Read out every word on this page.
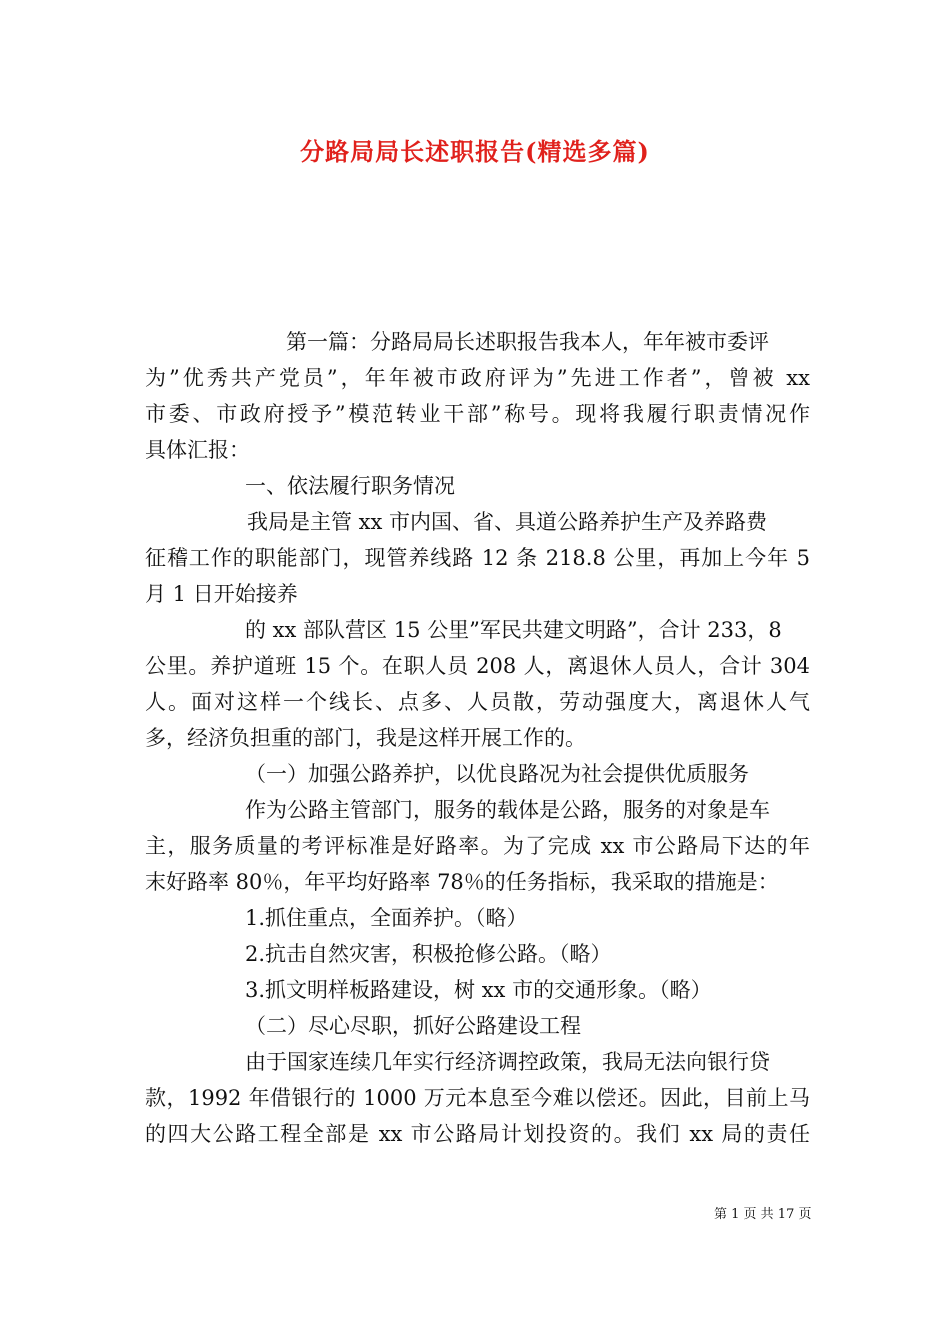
分路局局长述职报告(精选多篇)
第一篇：分路局局长述职报告我本人，年年被市委评
为”优秀共产党员”，年年被市政府评为”先进工作者”，曾被 xx
市委、市政府授予”模范转业干部”称号。现将我履行职责情况作
具体汇报：
一、依法履行职务情况
我局是主管 xx 市内国、省、具道公路养护生产及养路费
征稽工作的职能部门，现管养线路 12 条 218.8 公里，再加上今年 5
月 1 日开始接养
的 xx 部队营区 15 公里”军民共建文明路”，合计 233，8
公里。养护道班 15 个。在职人员 208 人，离退休人员人，合计 304
人。面对这样一个线长、点多、人员散，劳动强度大，离退休人气
多，经济负担重的部门，我是这样开展工作的。
（一）加强公路养护，以优良路况为社会提供优质服务
作为公路主管部门，服务的载体是公路，服务的对象是车
主，服务质量的考评标准是好路率。为了完成 xx 市公路局下达的年
末好路率 80％，年平均好路率 78％的任务指标，我采取的措施是：
1.抓住重点，全面养护。（略）
2.抗击自然灾害，积极抢修公路。（略）
3.抓文明样板路建设，树 xx 市的交通形象。（略）
（二）尽心尽职，抓好公路建设工程
由于国家连续几年实行经济调控政策，我局无法向银行贷
款，1992 年借银行的 1000 万元本息至今难以偿还。因此，目前上马
的四大公路工程全部是 xx 市公路局计划投资的。我们 xx 局的责任
第 1 页 共 17 页
